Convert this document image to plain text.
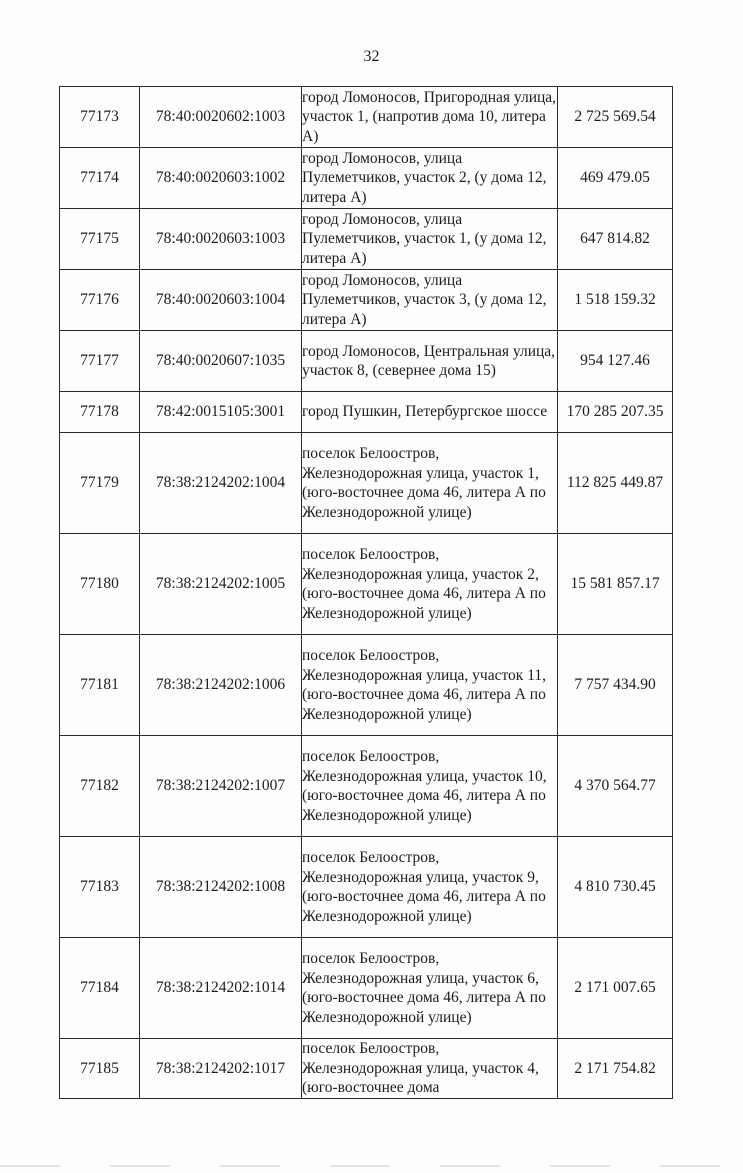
32
77173	78:40:0020602:1003	город Ломоносов, Пригородная улица, участок 1, (напротив дома 10, литера А)	2 725 569.54
77174	78:40:0020603:1002	город Ломоносов, улица Пулеметчиков, участок 2, (у дома 12, литера А)	469 479.05
77175	78:40:0020603:1003	город Ломоносов, улица Пулеметчиков, участок 1, (у дома 12, литера А)	647 814.82
77176	78:40:0020603:1004	город Ломоносов, улица Пулеметчиков, участок 3, (у дома 12, литера А)	1 518 159.32
77177	78:40:0020607:1035	город Ломоносов, Центральная улица, участок 8, (севернее дома 15)	954 127.46
77178	78:42:0015105:3001	город Пушкин, Петербургское шоссе	170 285 207.35
77179	78:38:2124202:1004	поселок Белоостров, Железнодорожная улица, участок 1, (юго-восточнее дома 46, литера А по Железнодорожной улице)	112 825 449.87
77180	78:38:2124202:1005	поселок Белоостров, Железнодорожная улица, участок 2, (юго-восточнее дома 46, литера А по Железнодорожной улице)	15 581 857.17
77181	78:38:2124202:1006	поселок Белоостров, Железнодорожная улица, участок 11, (юго-восточнее дома 46, литера А по Железнодорожной улице)	7 757 434.90
77182	78:38:2124202:1007	поселок Белоостров, Железнодорожная улица, участок 10, (юго-восточнее дома 46, литера А по Железнодорожной улице)	4 370 564.77
77183	78:38:2124202:1008	поселок Белоостров, Железнодорожная улица, участок 9, (юго-восточнее дома 46, литера А по Железнодорожной улице)	4 810 730.45
77184	78:38:2124202:1014	поселок Белоостров, Железнодорожная улица, участок 6, (юго-восточнее дома 46, литера А по Железнодорожной улице)	2 171 007.65
77185	78:38:2124202:1017	поселок Белоостров, Железнодорожная улица, участок 4, (юго-восточнее дома	2 171 754.82
